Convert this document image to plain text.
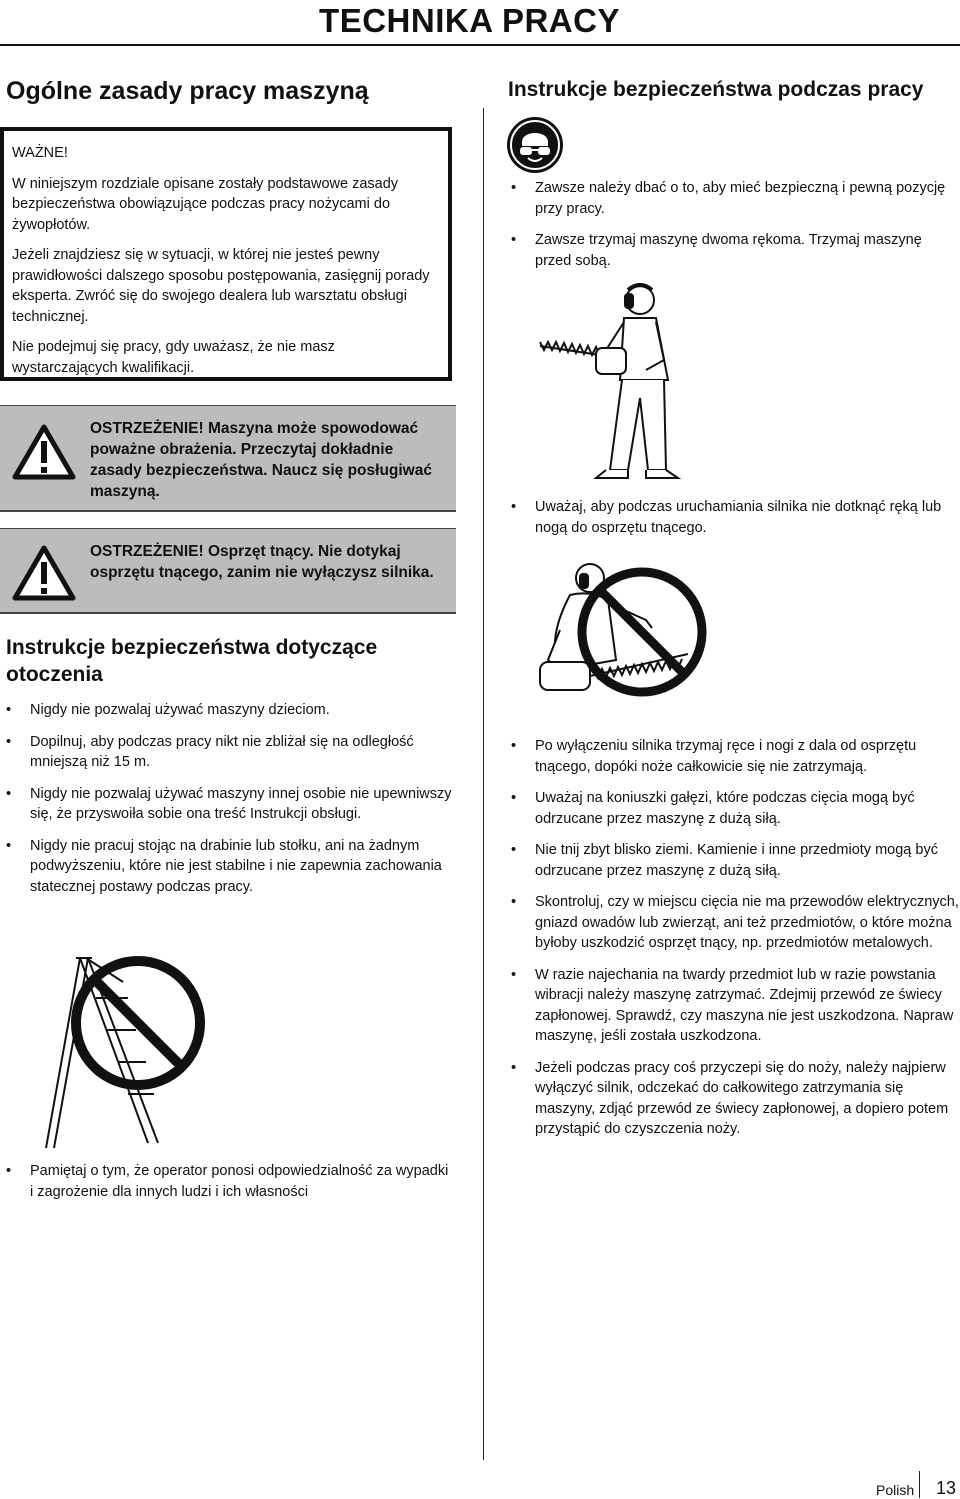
TECHNIKA PRACY
Ogólne zasady pracy maszyną

WAŻNE!

W niniejszym rozdziale opisane zostały podstawowe zasady bezpieczeństwa obowiązujące podczas pracy nożycami do żywopłotów.

Jeżeli znajdziesz się w sytuacji, w której nie jesteś pewny prawidłowości dalszego sposobu postępowania, zasięgnij porady eksperta. Zwróć się do swojego dealera lub warsztatu obsługi technicznej.

Nie podejmuj się pracy, gdy uważasz, że nie masz wystarczających kwalifikacji.

OSTRZEŻENIE! Maszyna może spowodować poważne obrażenia. Przeczytaj dokładnie zasady bezpieczeństwa. Naucz się posługiwać maszyną.
OSTRZEŻENIE! Osprzęt tnący. Nie dotykaj osprzętu tnącego, zanim nie wyłączysz silnika.
Instrukcje bezpieczeństwa dotyczące otoczenia
• Nigdy nie pozwalaj używać maszyny dzieciom.
• Dopilnuj, aby podczas pracy nikt nie zbliżał się na odległość mniejszą niż 15 m.
• Nigdy nie pozwalaj używać maszyny innej osobie nie upewniwszy się, że przyswoiła sobie ona treść Instrukcji obsługi.
• Nigdy nie pracuj stojąc na drabinie lub stołku, ani na żadnym podwyższeniu, które nie jest stabilne i nie zapewnia zachowania statecznej postawy podczas pracy.
• Pamiętaj o tym, że operator ponosi odpowiedzialność za wypadki i zagrożenie dla innych ludzi i ich własności
Instrukcje bezpieczeństwa podczas pracy
• Zawsze należy dbać o to, aby mieć bezpieczną i pewną pozycję przy pracy.
• Zawsze trzymaj maszynę dwoma rękoma. Trzymaj maszynę przed sobą.
• Uważaj, aby podczas uruchamiania silnika nie dotknąć ręką lub nogą do osprzętu tnącego.
• Po wyłączeniu silnika trzymaj ręce i nogi z dala od osprzętu tnącego, dopóki noże całkowicie się nie zatrzymają.
• Uważaj na koniuszki gałęzi, które podczas cięcia mogą być odrzucane przez maszynę z dużą siłą.
• Nie tnij zbyt blisko ziemi. Kamienie i inne przedmioty mogą być odrzucane przez maszynę z dużą siłą.
• Skontroluj, czy w miejscu cięcia nie ma przewodów elektrycznych, gniazd owadów lub zwierząt, ani też przedmiotów, o które można byłoby uszkodzić osprzęt tnący, np. przedmiotów metalowych.
• W razie najechania na twardy przedmiot lub w razie powstania wibracji należy maszynę zatrzymać. Zdejmij przewód ze świecy zapłonowej. Sprawdź, czy maszyna nie jest uszkodzona. Napraw maszynę, jeśli została uszkodzona.
• Jeżeli podczas pracy coś przyczepi się do noży, należy najpierw wyłączyć silnik, odczekać do całkowitego zatrzymania się maszyny, zdjąć przewód ze świecy zapłonowej, a dopiero potem przystąpić do czyszczenia noży.
Polish 13
